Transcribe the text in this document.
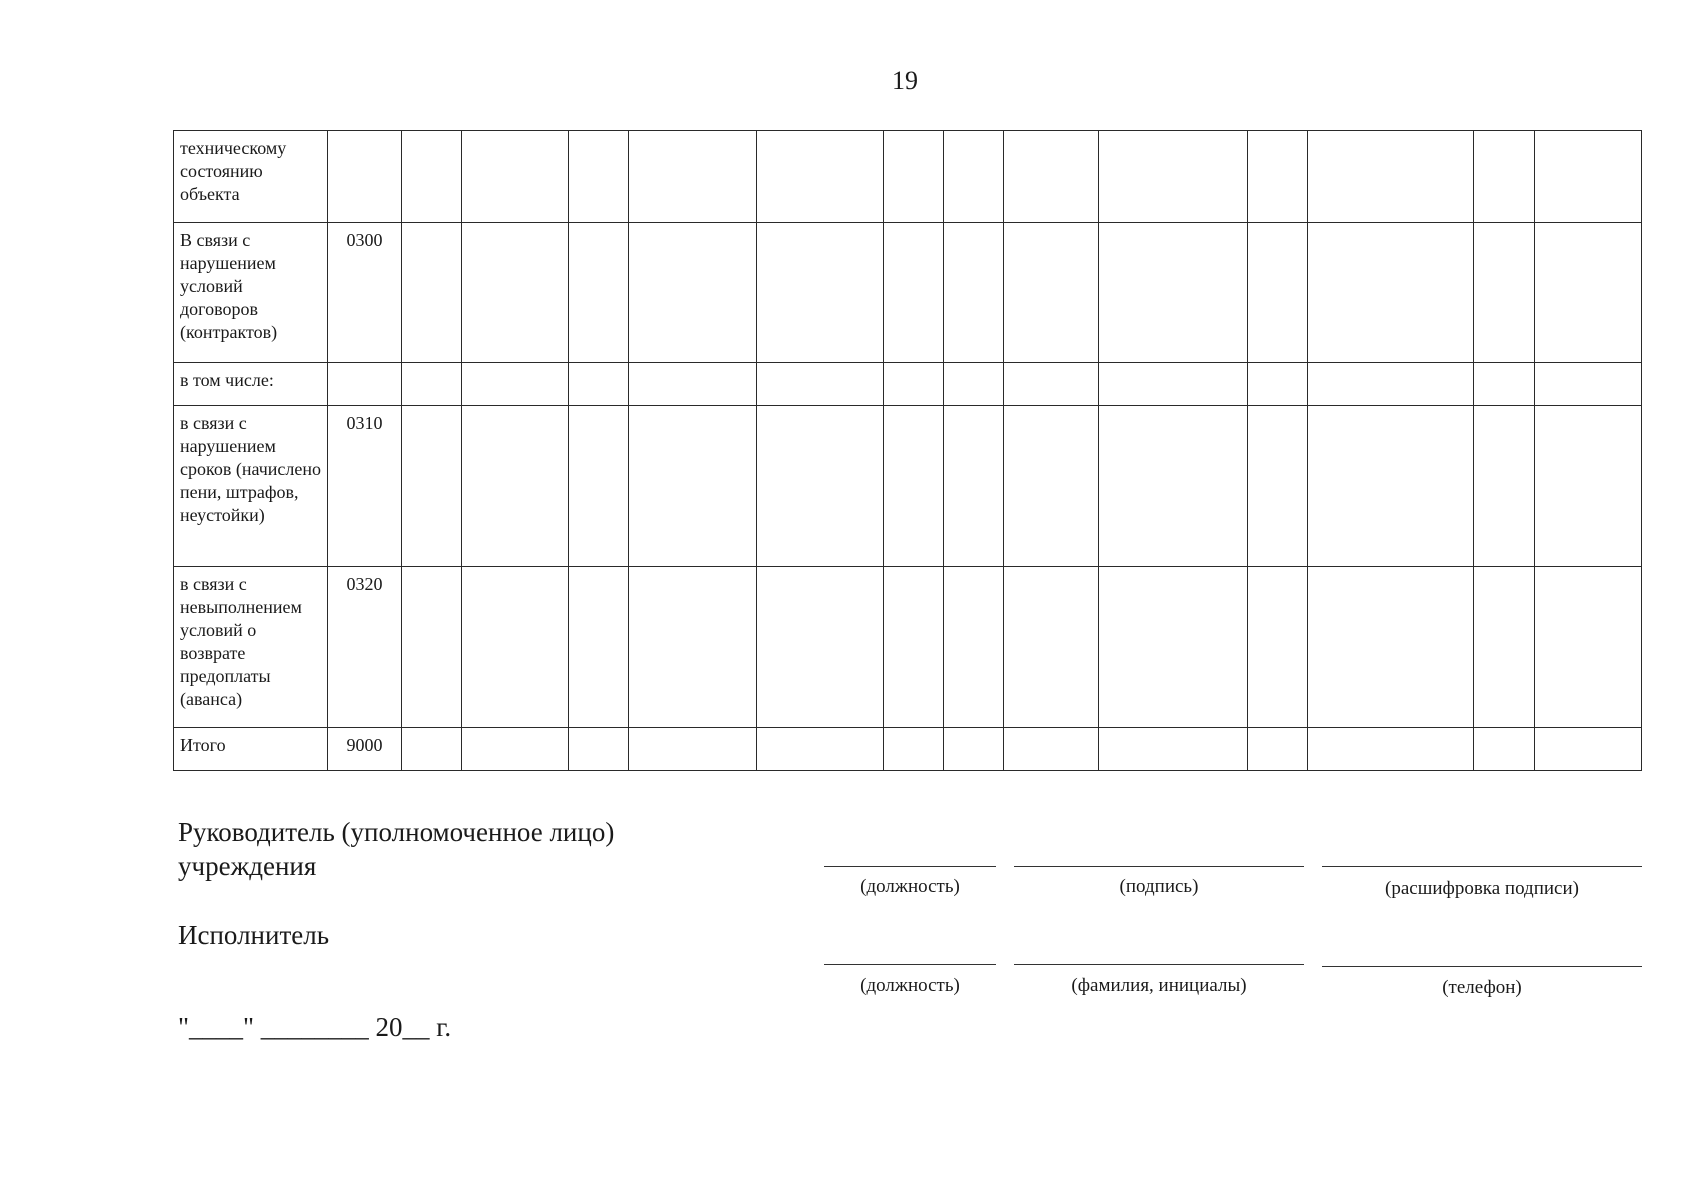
19
техническому состоянию объекта														
В связи с нарушением условий договоров (контрактов)	0300													
в том числе:														
в связи с нарушением сроков (начислено пени, штрафов, неустойки)	0310													
в связи с невыполнением условий о возврате предоплаты (аванса)	0320													
Итого	9000													
Руководитель (уполномоченное лицо) учреждения
(должность)	(подпись)	(расшифровка подписи)
Исполнитель
(должность)	(фамилия, инициалы)	(телефон)
"____" ________ 20__ г.
